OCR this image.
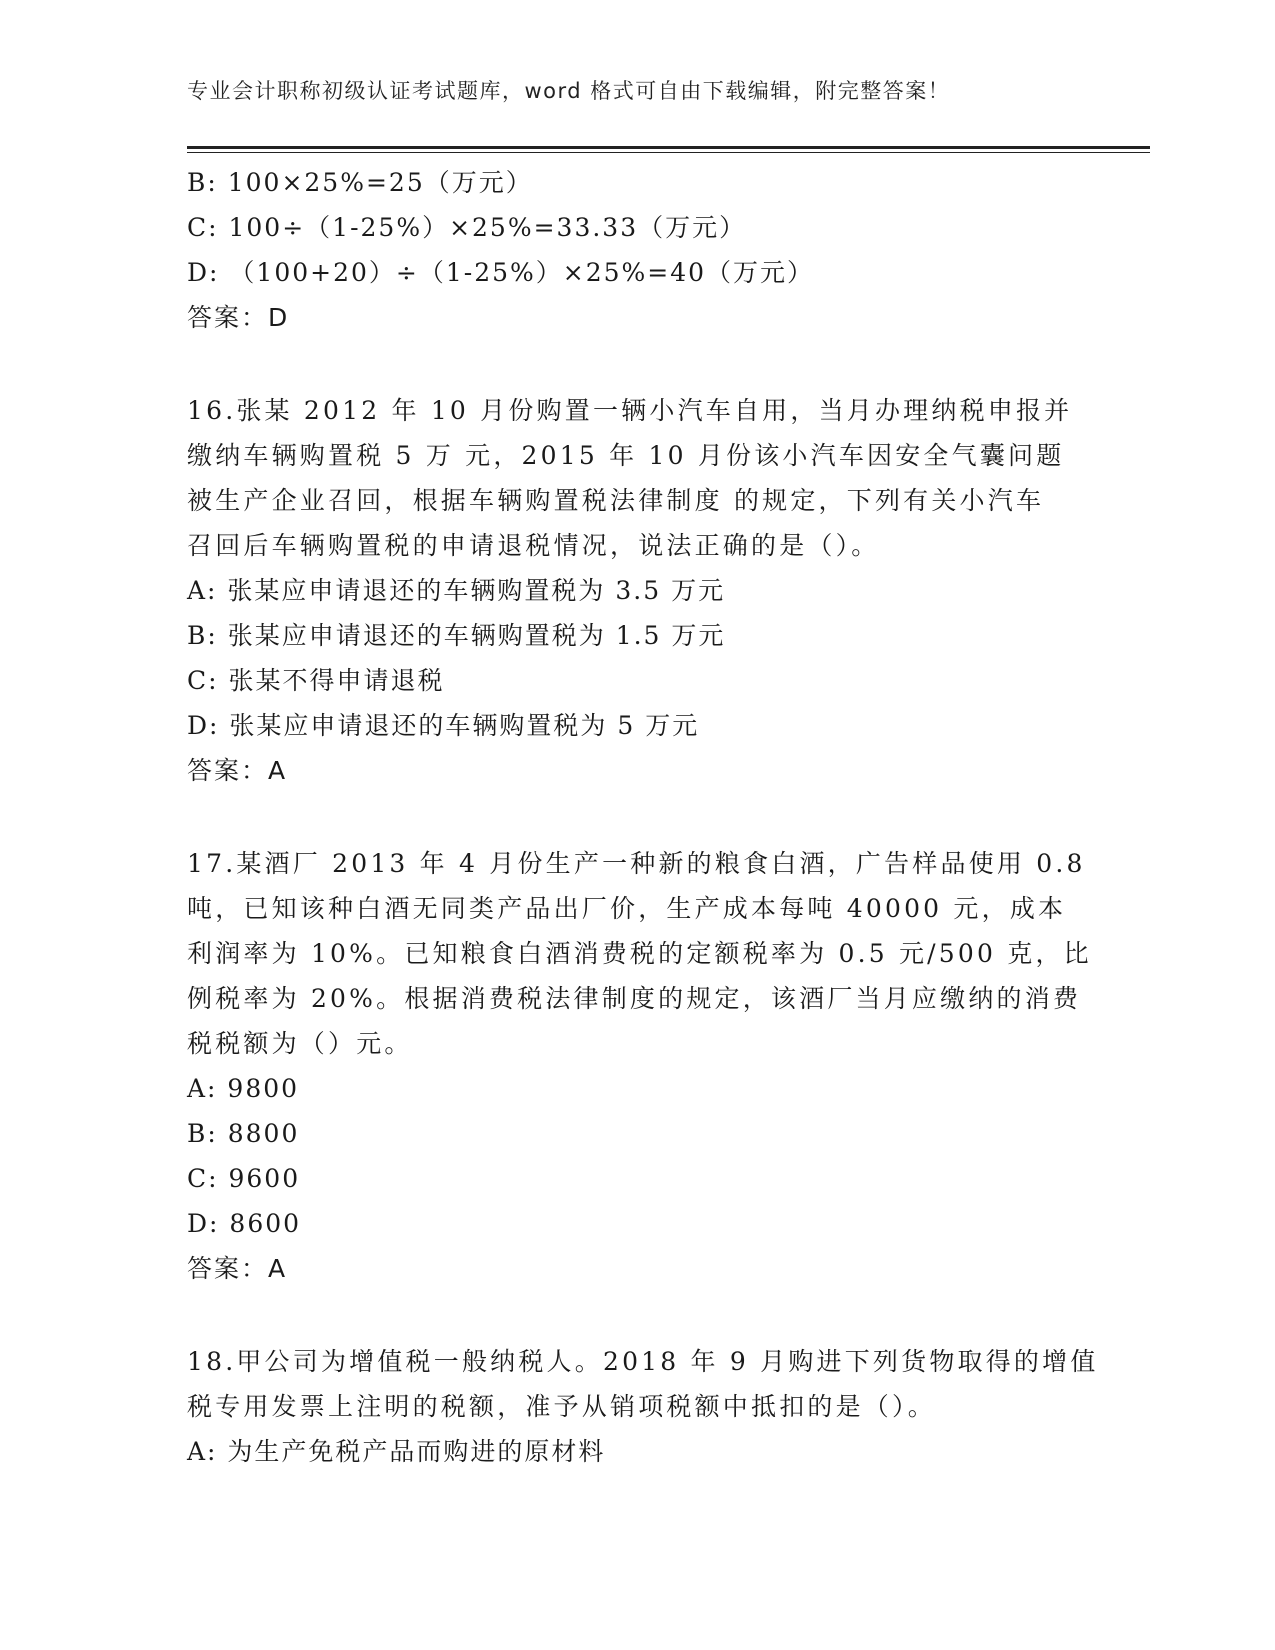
专业会计职称初级认证考试题库，word 格式可自由下载编辑，附完整答案！
B: 100×25%=25（万元）
C: 100÷（1-25%）×25%=33.33（万元）
D: （100+20）÷（1-25%）×25%=40（万元）
答案：D
16.张某 2012 年 10 月份购置一辆小汽车自用，当月办理纳税申报并
缴纳车辆购置税 5 万 元，2015 年 10 月份该小汽车因安全气囊问题
被生产企业召回，根据车辆购置税法律制度 的规定，下列有关小汽车
召回后车辆购置税的申请退税情况，说法正确的是（）。
A: 张某应申请退还的车辆购置税为 3.5 万元
B: 张某应申请退还的车辆购置税为 1.5 万元
C: 张某不得申请退税
D: 张某应申请退还的车辆购置税为 5 万元
答案：A
17.某酒厂 2013 年 4 月份生产一种新的粮食白酒，广告样品使用 0.8
吨，已知该种白酒无同类产品出厂价，生产成本每吨 40000 元，成本
利润率为 10%。已知粮食白酒消费税的定额税率为 0.5 元/500 克，比
例税率为 20%。根据消费税法律制度的规定，该酒厂当月应缴纳的消费
税税额为（）元。
A: 9800
B: 8800
C: 9600
D: 8600
答案：A
18.甲公司为增值税一般纳税人。2018 年 9 月购进下列货物取得的增值
税专用发票上注明的税额，准予从销项税额中抵扣的是（）。
A: 为生产免税产品而购进的原材料
